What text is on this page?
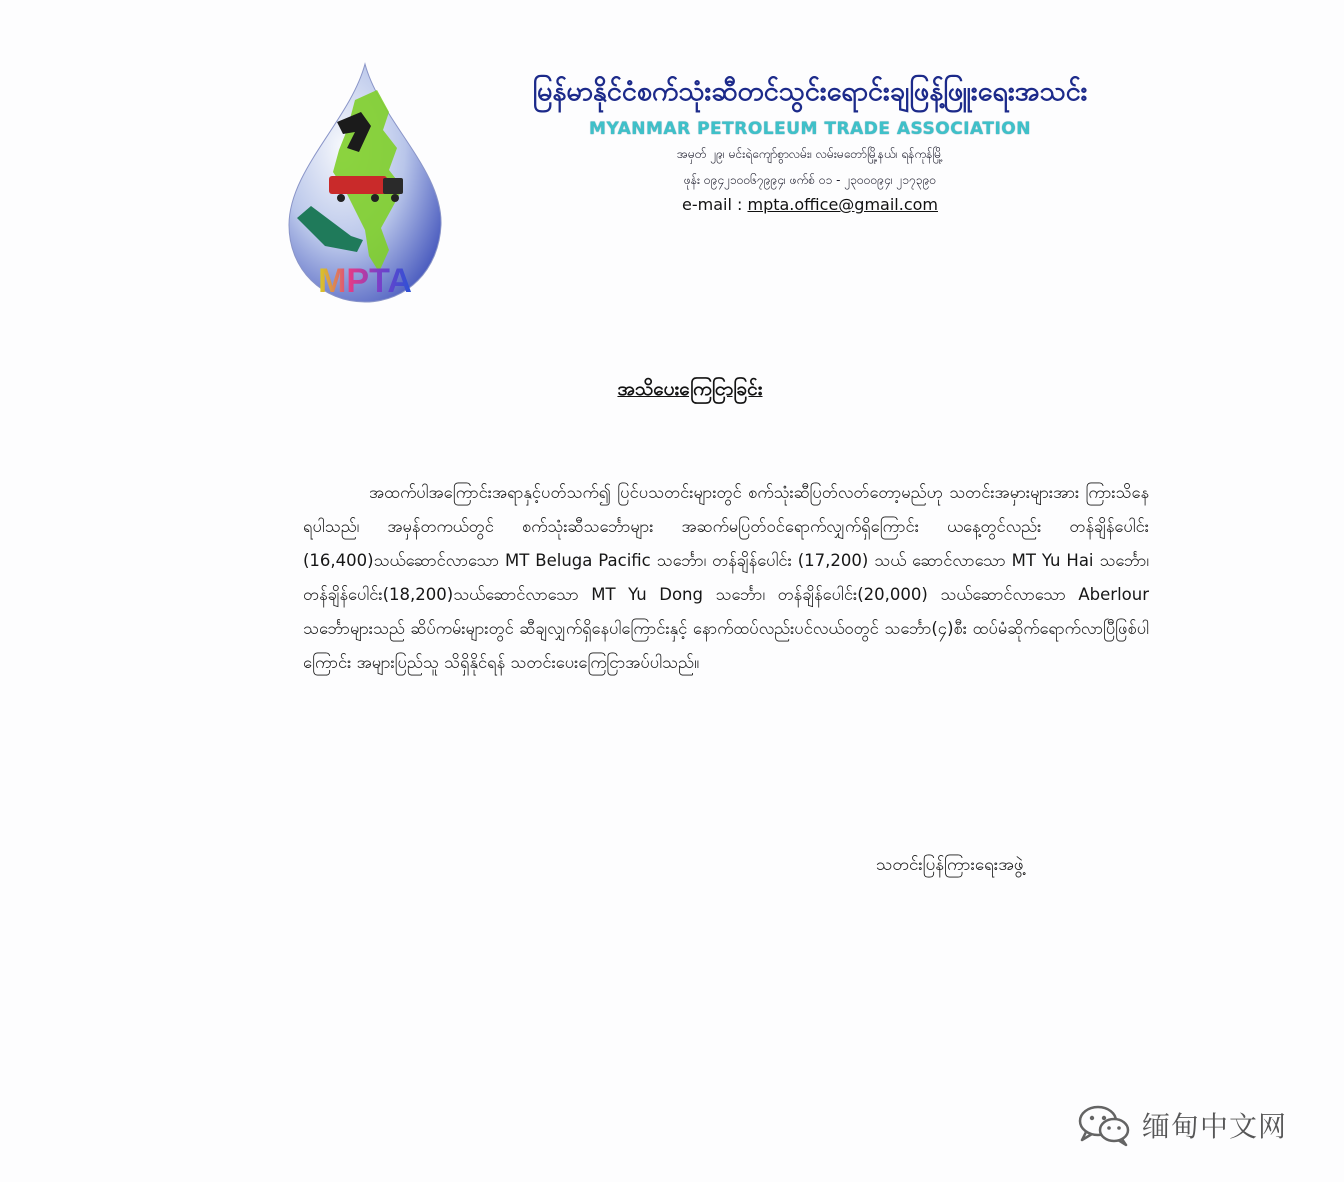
MPTA
မြန်မာနိုင်ငံစက်သုံးဆီတင်သွင်းရောင်းချဖြန့်ဖြူးရေးအသင်း
MYANMAR PETROLEUM TRADE ASSOCIATION
အမှတ် ၂၉၊ မင်းရဲကျော်စွာလမ်း၊ လမ်းမတော်မြို့နယ်၊ ရန်ကုန်မြို့
ဖုန်း ၀၉၄၂၁၀၀၆၇၉၉၄၊ ဖက်စ် ၀၁ - ၂၃၀၀၀၉၄၊ ၂၁၇၃၉၀
e-mail : mpta.office@gmail.com
အသိပေးကြေငြာခြင်း
အထက်ပါအကြောင်းအရာနှင့်ပတ်သက်၍ ပြင်ပသတင်းများတွင် စက်သုံးဆီပြတ်လတ်တော့မည်ဟု သတင်းအမှားများအား ကြားသိနေရပါသည်၊ အမှန်တကယ်တွင် စက်သုံးဆီသင်္ဘောများ အဆက်မပြတ်ဝင်ရောက်လျှက်ရှိကြောင်း ယနေ့တွင်လည်း တန်ချိန်ပေါင်း (16,400)သယ်ဆောင်လာသော MT Beluga Pacific သင်္ဘော၊ တန်ချိန်ပေါင်း (17,200) သယ် ဆောင်လာသော MT Yu Hai သင်္ဘော၊ တန်ချိန်ပေါင်း(18,200)သယ်ဆောင်လာသော MT Yu Dong သင်္ဘော၊ တန်ချိန်ပေါင်း(20,000) သယ်ဆောင်လာသော Aberlour သင်္ဘောများသည် ဆိပ်ကမ်းများတွင် ဆီချလျှက်ရှိနေပါကြောင်းနှင့် နောက်ထပ်လည်းပင်လယ်ဝတွင် သင်္ဘော(၄)စီး ထပ်မံဆိုက်ရောက်လာပြီဖြစ်ပါကြောင်း အများပြည်သူ သိရှိနိုင်ရန် သတင်းပေးကြေငြာအပ်ပါသည်။
သတင်းပြန်ကြားရေးအဖွဲ့
缅甸中文网
